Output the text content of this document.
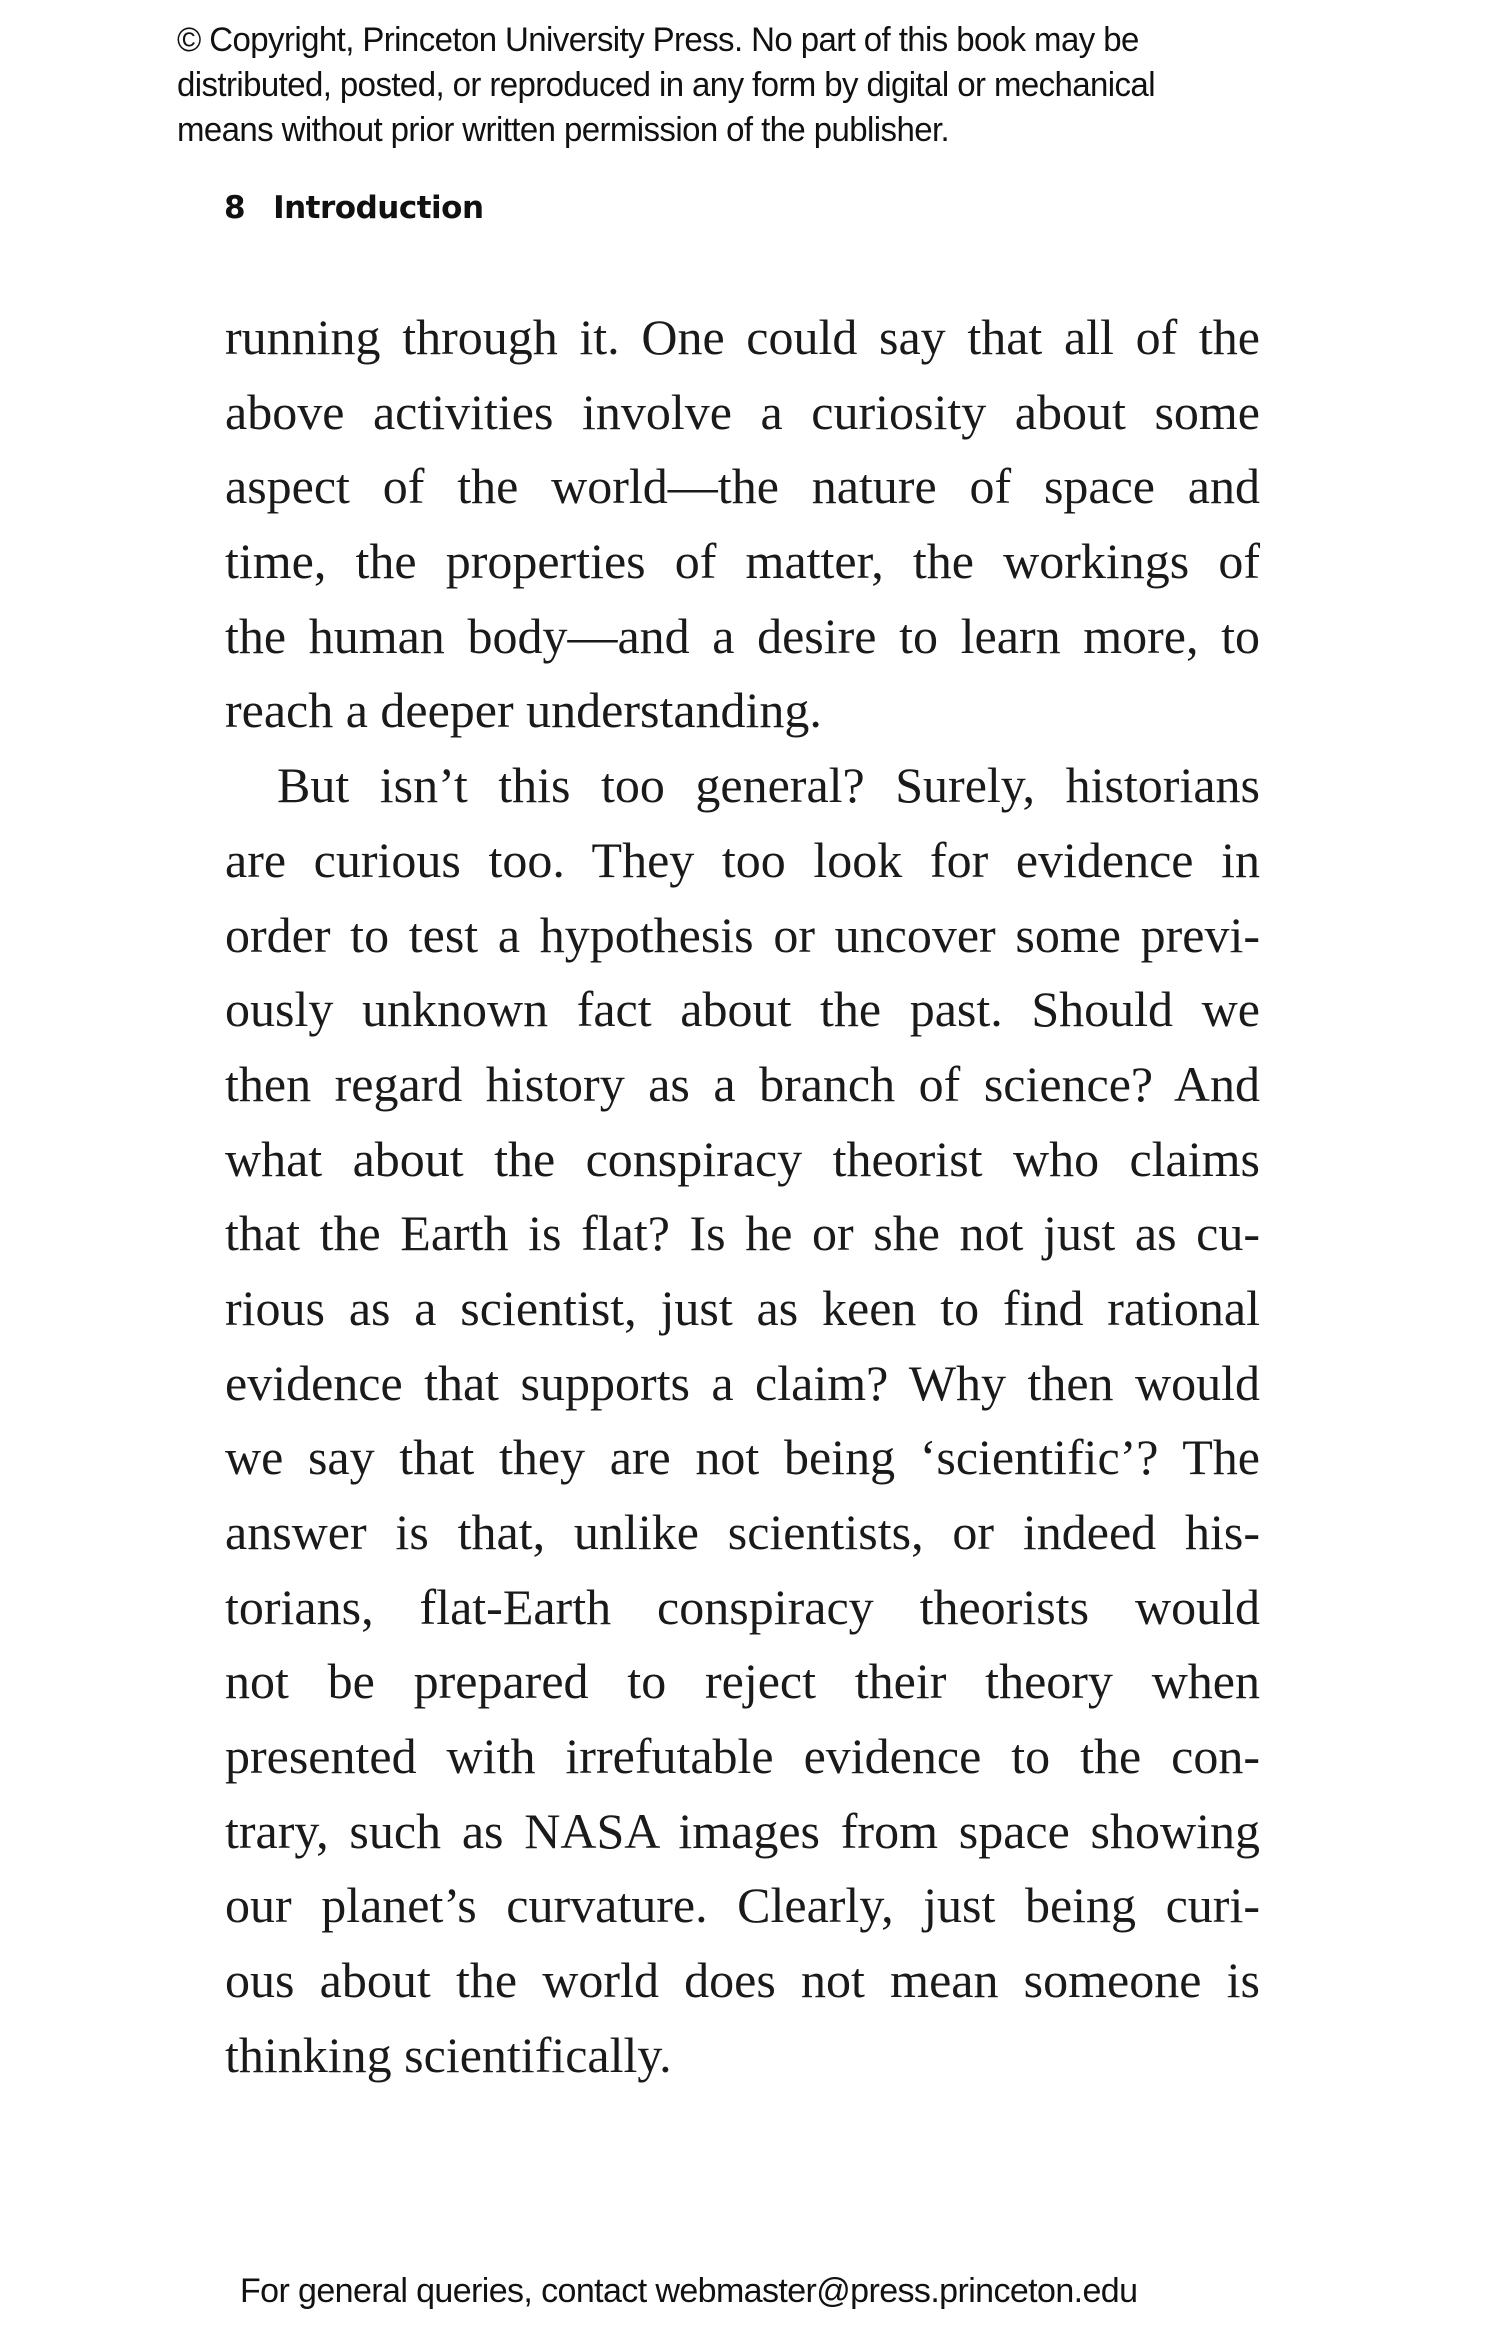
© Copyright, Princeton University Press. No part of this book may be
distributed, posted, or reproduced in any form by digital or mechanical
means without prior written permission of the publisher.
8 Introduction
running through it. One could say that all of the
above activities involve a curiosity about some
aspect of the world—the nature of space and
time, the properties of matter, the workings of
the human body—and a desire to learn more, to
reach a deeper understanding.
But isn’t this too general? Surely, historians
are curious too. They too look for evidence in
order to test a hypothesis or uncover some previ-
ously unknown fact about the past. Should we
then regard history as a branch of science? And
what about the conspiracy theorist who claims
that the Earth is flat? Is he or she not just as cu-
rious as a scientist, just as keen to find rational
evidence that supports a claim? Why then would
we say that they are not being ‘scientific’? The
answer is that, unlike scientists, or indeed his-
torians, flat-Earth conspiracy theorists would
not be prepared to reject their theory when
presented with irrefutable evidence to the con-
trary, such as NASA images from space showing
our planet’s curvature. Clearly, just being curi-
ous about the world does not mean someone is
thinking scientifically.
For general queries, contact webmaster@press.princeton.edu
